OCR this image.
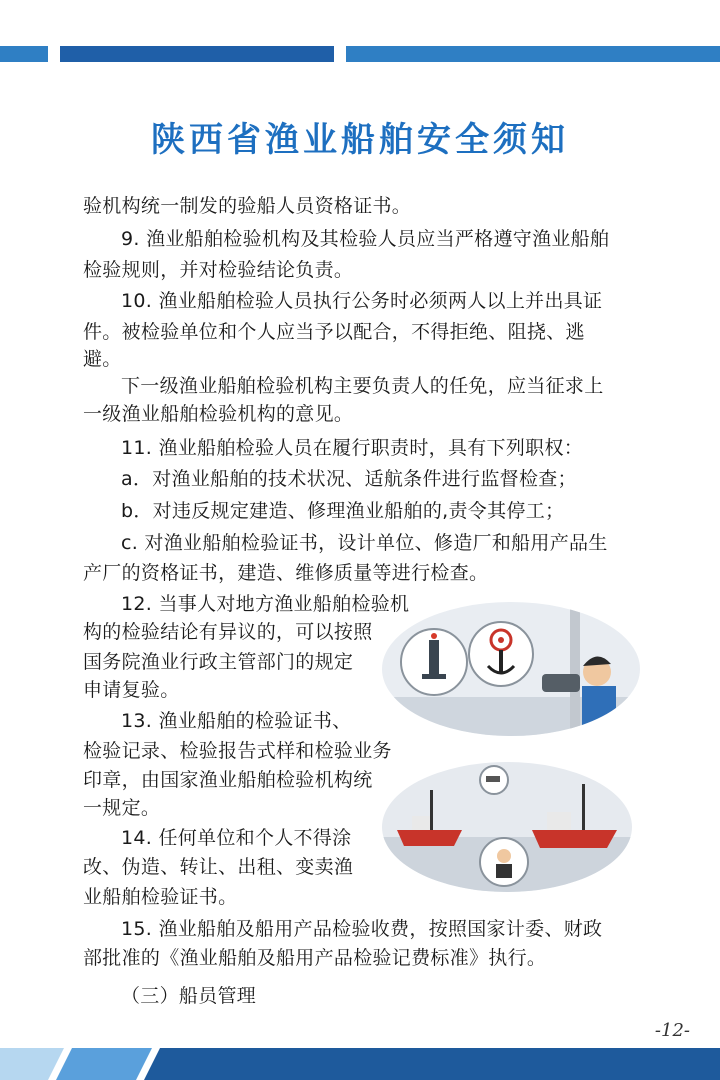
陕西省渔业船舶安全须知
验机构统一制发的验船人员资格证书。
9. 渔业船舶检验机构及其检验人员应当严格遵守渔业船舶
检验规则，并对检验结论负责。
10. 渔业船舶检验人员执行公务时必须两人以上并出具证
件。被检验单位和个人应当予以配合，不得拒绝、阻挠、逃
避。
下一级渔业船舶检验机构主要负责人的任免，应当征求上
一级渔业船舶检验机构的意见。
11. 渔业船舶检验人员在履行职责时，具有下列职权：
a．对渔业船舶的技术状况、适航条件进行监督检查；
b．对违反规定建造、修理渔业船舶的,责令其停工；
c. 对渔业船舶检验证书，设计单位、修造厂和船用产品生
产厂的资格证书，建造、维修质量等进行检查。
12. 当事人对地方渔业船舶检验机
构的检验结论有异议的，可以按照
国务院渔业行政主管部门的规定
申请复验。
13. 渔业船舶的检验证书、
检验记录、检验报告式样和检验业务
印章，由国家渔业船舶检验机构统
一规定。
14. 任何单位和个人不得涂
改、伪造、转让、出租、变卖渔
业船舶检验证书。
15. 渔业船舶及船用产品检验收费，按照国家计委、财政
部批准的《渔业船舶及船用产品检验记费标准》执行。
（三）船员管理
-12-
